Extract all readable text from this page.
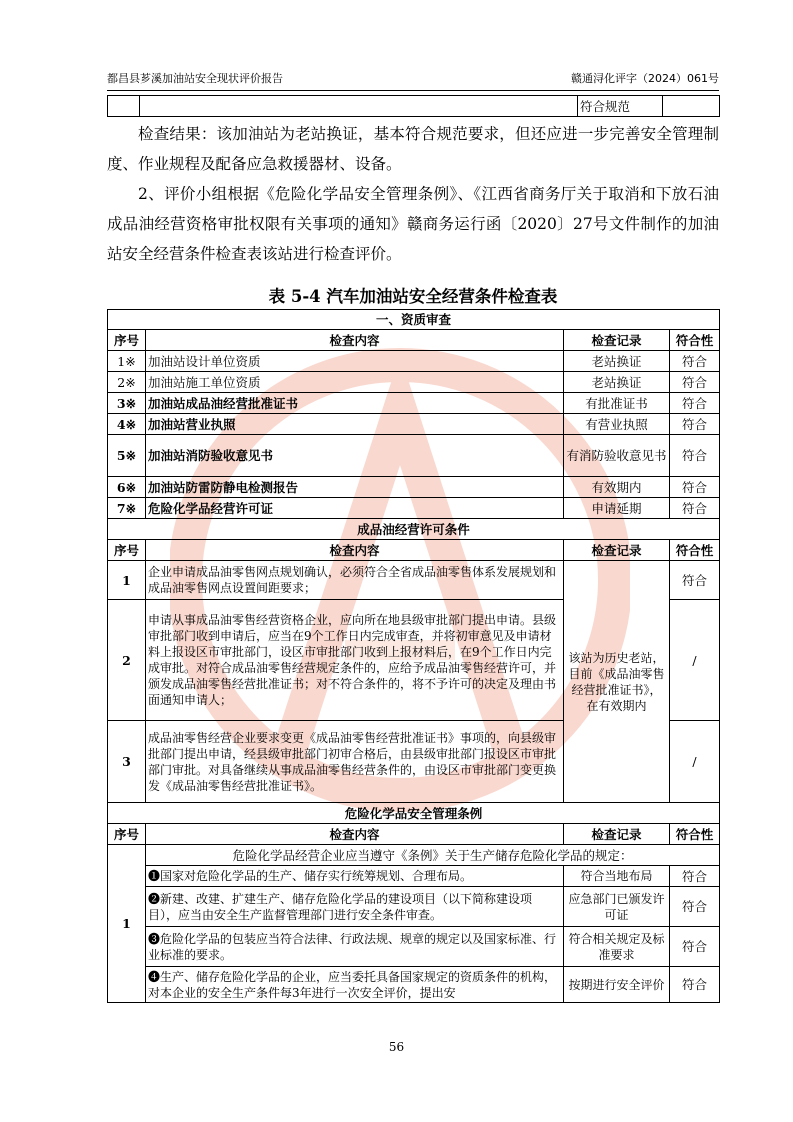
都昌县芗溪加油站安全现状评价报告	赣通浔化评字（2024）061号
		符合规范	
检查结果：该加油站为老站换证，基本符合规范要求，但还应进一步完善安全管理制度、作业规程及配备应急救援器材、设备。
2、评价小组根据《危险化学品安全管理条例》、《江西省商务厅关于取消和下放石油成品油经营资格审批权限有关事项的通知》赣商务运行函〔2020〕27号文件制作的加油站安全经营条件检查表该站进行检查评价。
表 5-4 汽车加油站安全经营条件检查表
一、资质审查			
序号	检查内容	检查记录	符合性
1※	加油站设计单位资质	老站换证	符合
2※	加油站施工单位资质	老站换证	符合
3※	加油站成品油经营批准证书	有批准证书	符合
4※	加油站营业执照	有营业执照	符合
5※	加油站消防验收意见书	有消防验收意见书	符合
6※	加油站防雷防静电检测报告	有效期内	符合
7※	危险化学品经营许可证	申请延期	符合
成品油经营许可条件			
序号	检查内容	检查记录	符合性
1	企业申请成品油零售网点规划确认，必须符合全省成品油零售体系发展规划和成品油零售网点设置间距要求；	该站为历史老站，目前《成品油零售经营批准证书》，在有效期内	符合
2	申请从事成品油零售经营资格企业，应向所在地县级审批部门提出申请。县级审批部门收到申请后，应当在9个工作日内完成审查，并将初审意见及申请材料上报设区市审批部门，设区市审批部门收到上报材料后，在9个工作日内完成审批。对符合成品油零售经营规定条件的，应给予成品油零售经营许可，并颁发成品油零售经营批准证书；对不符合条件的，将不予许可的决定及理由书面通知申请人；		/
3	成品油零售经营企业要求变更《成品油零售经营批准证书》事项的，向县级审批部门提出申请，经县级审批部门初审合格后，由县级审批部门报设区市审批部门审批。对具备继续从事成品油零售经营条件的，由设区市审批部门变更换发《成品油零售经营批准证书》。		/
危险化学品安全管理条例			
序号	检查内容	检查记录	符合性
1	危险化学品经营企业应当遵守《条例》关于生产储存危险化学品的规定：		
	❶国家对危险化学品的生产、储存实行统筹规划、合理布局。	符合当地布局	符合
	❷新建、改建、扩建生产、储存危险化学品的建设项目（以下简称建设项目），应当由安全生产监督管理部门进行安全条件审查。	应急部门已颁发许可证	符合
	❸危险化学品的包装应当符合法律、行政法规、规章的规定以及国家标准、行业标准的要求。	符合相关规定及标准要求	符合
	❹生产、储存危险化学品的企业，应当委托具备国家规定的资质条件的机构，对本企业的安全生产条件每3年进行一次安全评价，提出安	按期进行安全评价	符合
56
